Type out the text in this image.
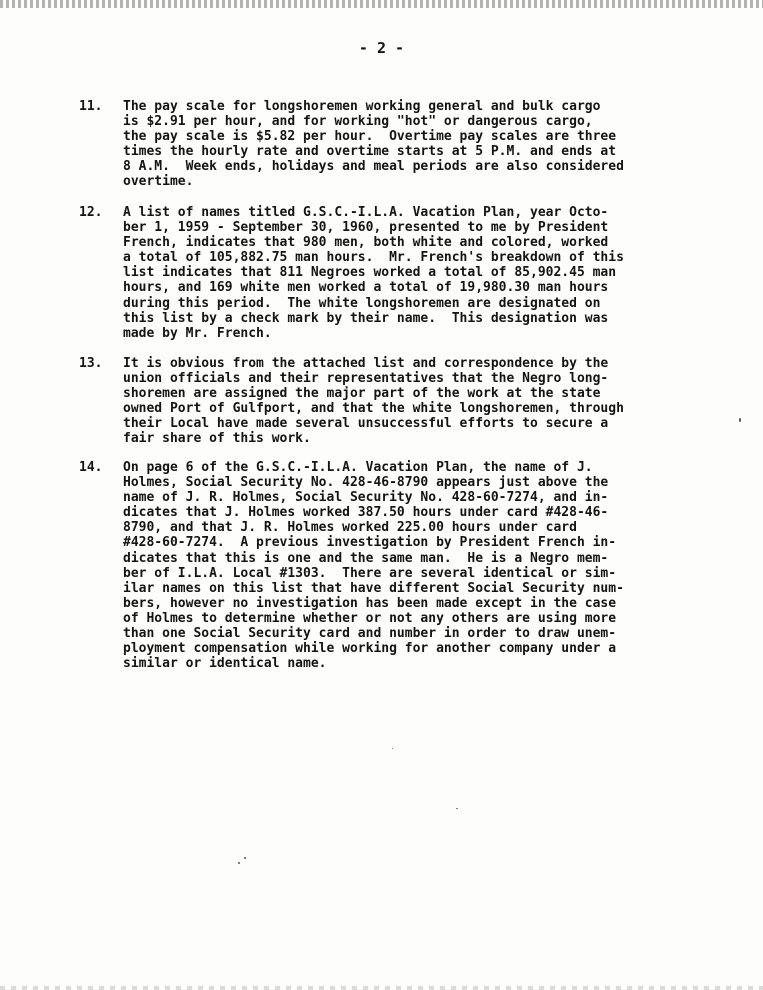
- 2 -
11.	The pay scale for longshoremen working general and bulk cargo
is $2.91 per hour, and for working "hot" or dangerous cargo,
the pay scale is $5.82 per hour.  Overtime pay scales are three
times the hourly rate and overtime starts at 5 P.M. and ends at
8 A.M.  Week ends, holidays and meal periods are also considered
overtime.
12.	A list of names titled G.S.C.-I.L.A. Vacation Plan, year Octo-
ber 1, 1959 - September 30, 1960, presented to me by President
French, indicates that 980 men, both white and colored, worked
a total of 105,882.75 man hours.  Mr. French's breakdown of this
list indicates that 811 Negroes worked a total of 85,902.45 man
hours, and 169 white men worked a total of 19,980.30 man hours
during this period.  The white longshoremen are designated on
this list by a check mark by their name.  This designation was
made by Mr. French.
13.	It is obvious from the attached list and correspondence by the
union officials and their representatives that the Negro long-
shoremen are assigned the major part of the work at the state
owned Port of Gulfport, and that the white longshoremen, through
their Local have made several unsuccessful efforts to secure a
fair share of this work.
14.	On page 6 of the G.S.C.-I.L.A. Vacation Plan, the name of J.
Holmes, Social Security No. 428-46-8790 appears just above the
name of J. R. Holmes, Social Security No. 428-60-7274, and in-
dicates that J. Holmes worked 387.50 hours under card #428-46-
8790, and that J. R. Holmes worked 225.00 hours under card
#428-60-7274.  A previous investigation by President French in-
dicates that this is one and the same man.  He is a Negro mem-
ber of I.L.A. Local #1303.  There are several identical or sim-
ilar names on this list that have different Social Security num-
bers, however no investigation has been made except in the case
of Holmes to determine whether or not any others are using more
than one Social Security card and number in order to draw unem-
ployment compensation while working for another company under a
similar or identical name.
